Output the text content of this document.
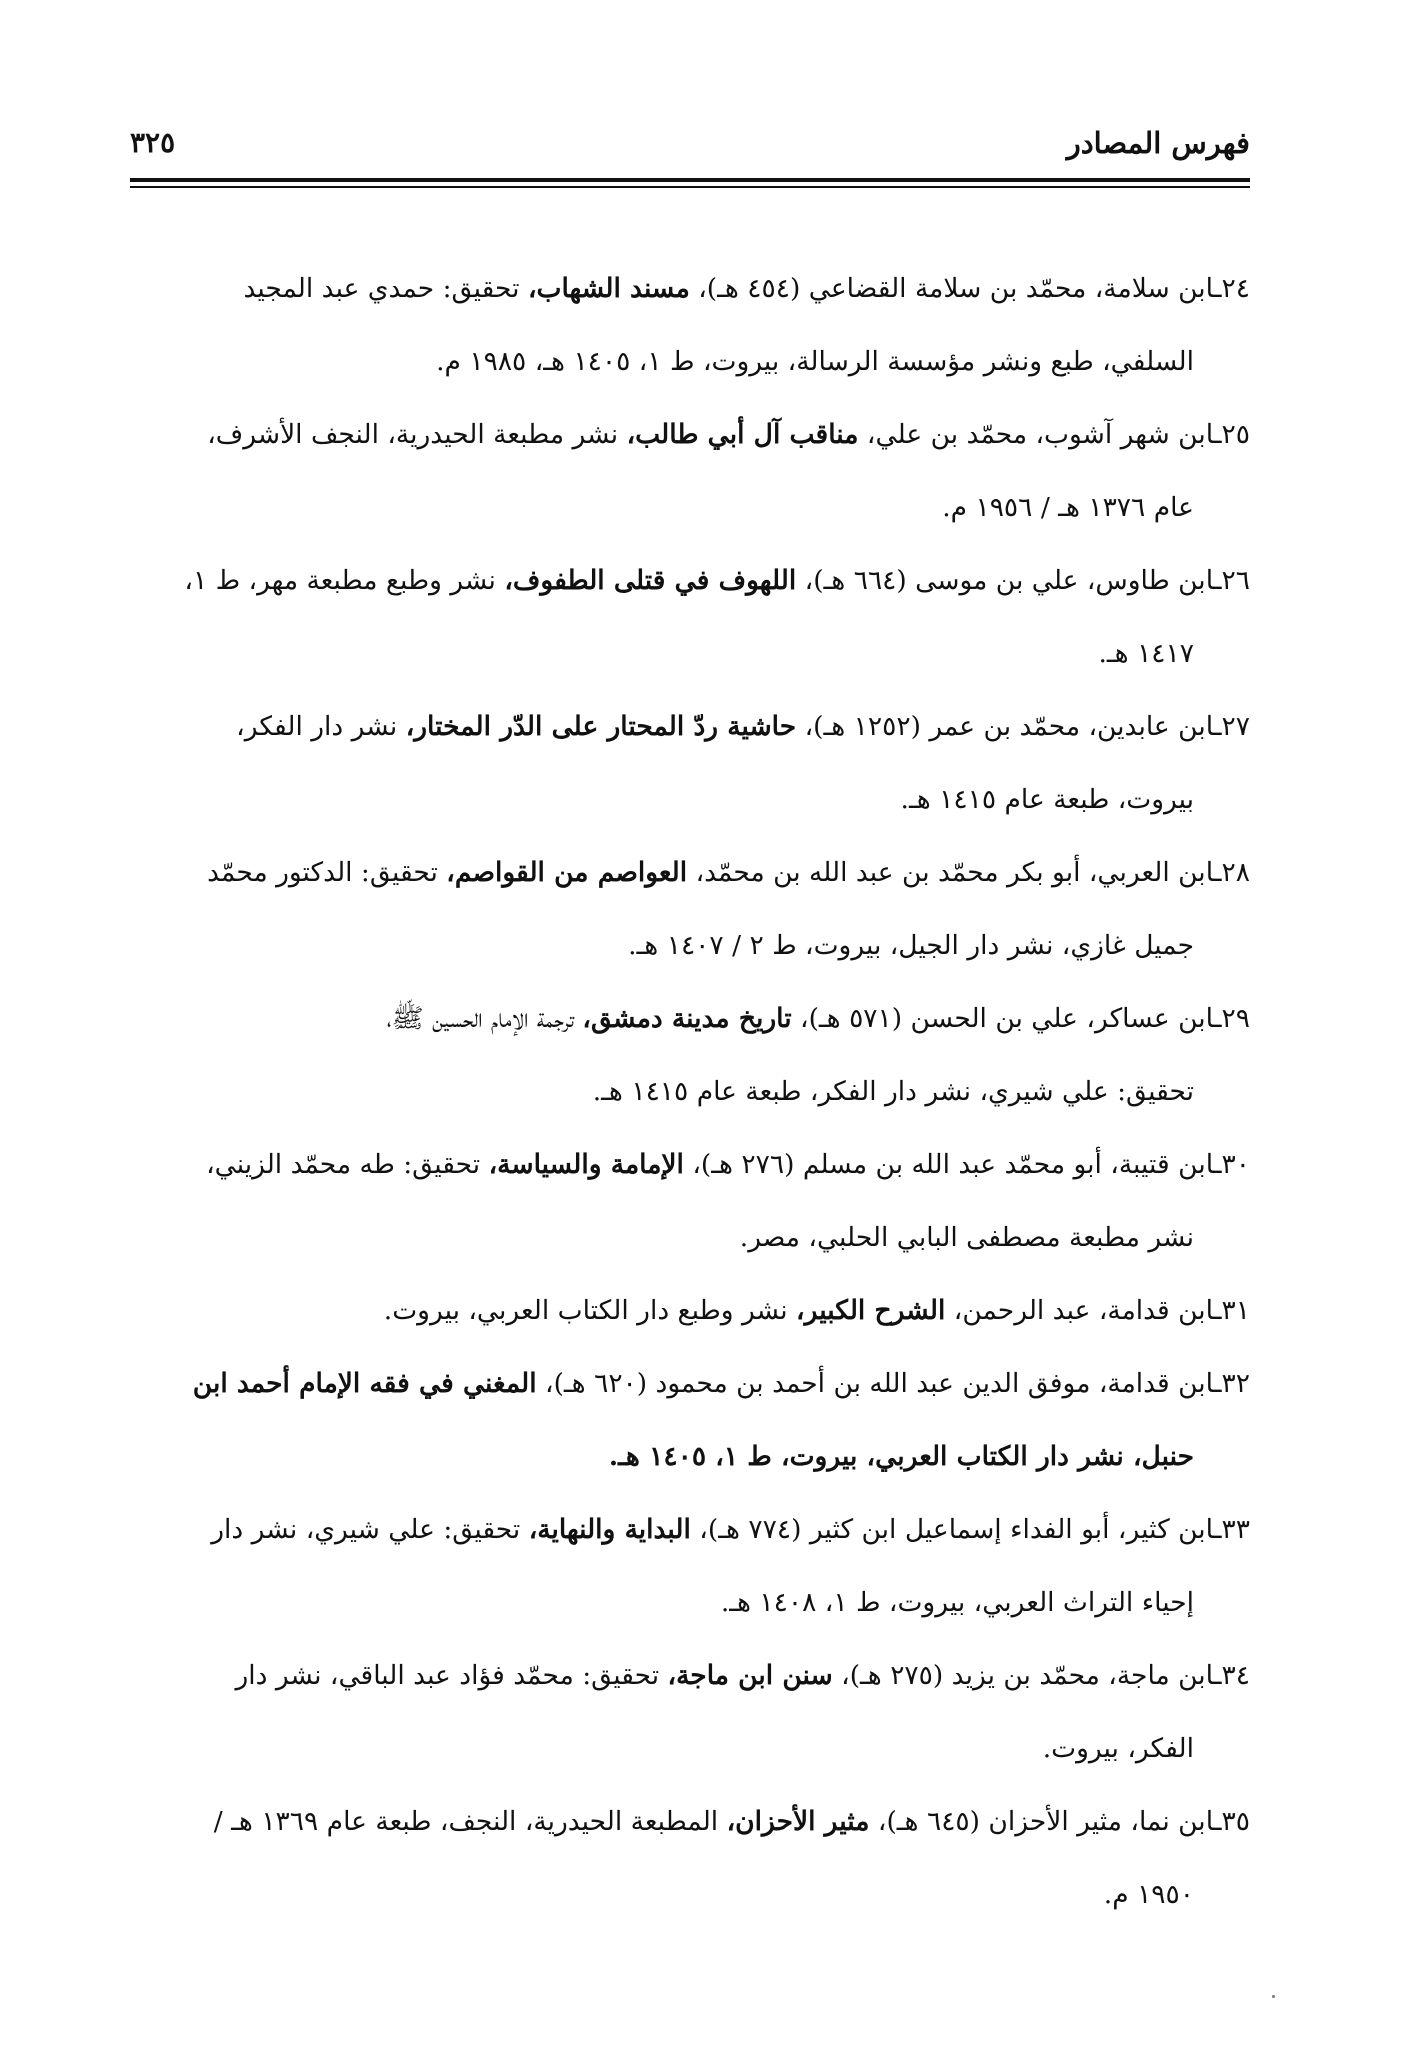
فهرس المصادر
٣٢٥
٢٤ـابن سلامة، محمّد بن سلامة القضاعي (٤٥٤ هـ)، مسند الشهاب، تحقيق: حمدي عبد المجيد
السلفي، طبع ونشر مؤسسة الرسالة، بيروت، ط ١، ١٤٠٥ هـ، ١٩٨٥ م.
٢٥ـابن شهر آشوب، محمّد بن علي، مناقب آل أبي طالب، نشر مطبعة الحيدرية، النجف الأشرف،
عام ١٣٧٦ هـ / ١٩٥٦ م.
٢٦ـابن طاوس، علي بن موسى (٦٦٤ هـ)، اللهوف في قتلى الطفوف، نشر وطبع مطبعة مهر، ط ١،
١٤١٧ هـ.
٢٧ـابن عابدين، محمّد بن عمر (١٢٥٢ هـ)، حاشية ردّ المحتار على الدّر المختار، نشر دار الفكر،
بيروت، طبعة عام ١٤١٥ هـ.
٢٨ـابن العربي، أبو بكر محمّد بن عبد الله بن محمّد، العواصم من القواصم، تحقيق: الدكتور محمّد
جميل غازي، نشر دار الجيل، بيروت، ط ٢ / ١٤٠٧ هـ.
٢٩ـابن عساكر، علي بن الحسن (٥٧١ هـ)، تاريخ مدينة دمشق، ترجمة الإمام الحسين ﷺ،
تحقيق: علي شيري، نشر دار الفكر، طبعة عام ١٤١٥ هـ.
٣٠ـابن قتيبة، أبو محمّد عبد الله بن مسلم (٢٧٦ هـ)، الإمامة والسياسة، تحقيق: طه محمّد الزيني،
نشر مطبعة مصطفى البابي الحلبي، مصر.
٣١ـابن قدامة، عبد الرحمن، الشرح الكبير، نشر وطبع دار الكتاب العربي، بيروت.
٣٢ـابن قدامة، موفق الدين عبد الله بن أحمد بن محمود (٦٢٠ هـ)، المغني في فقه الإمام أحمد ابن
حنبل، نشر دار الكتاب العربي، بيروت، ط ١، ١٤٠٥ هـ.
٣٣ـابن كثير، أبو الفداء إسماعيل ابن كثير (٧٧٤ هـ)، البداية والنهاية، تحقيق: علي شيري، نشر دار
إحياء التراث العربي، بيروت، ط ١، ١٤٠٨ هـ.
٣٤ـابن ماجة، محمّد بن يزيد (٢٧٥ هـ)، سنن ابن ماجة، تحقيق: محمّد فؤاد عبد الباقي، نشر دار
الفكر، بيروت.
٣٥ـابن نما، مثير الأحزان (٦٤٥ هـ)، مثير الأحزان، المطبعة الحيدرية، النجف، طبعة عام ١٣٦٩ هـ /
١٩٥٠ م.
